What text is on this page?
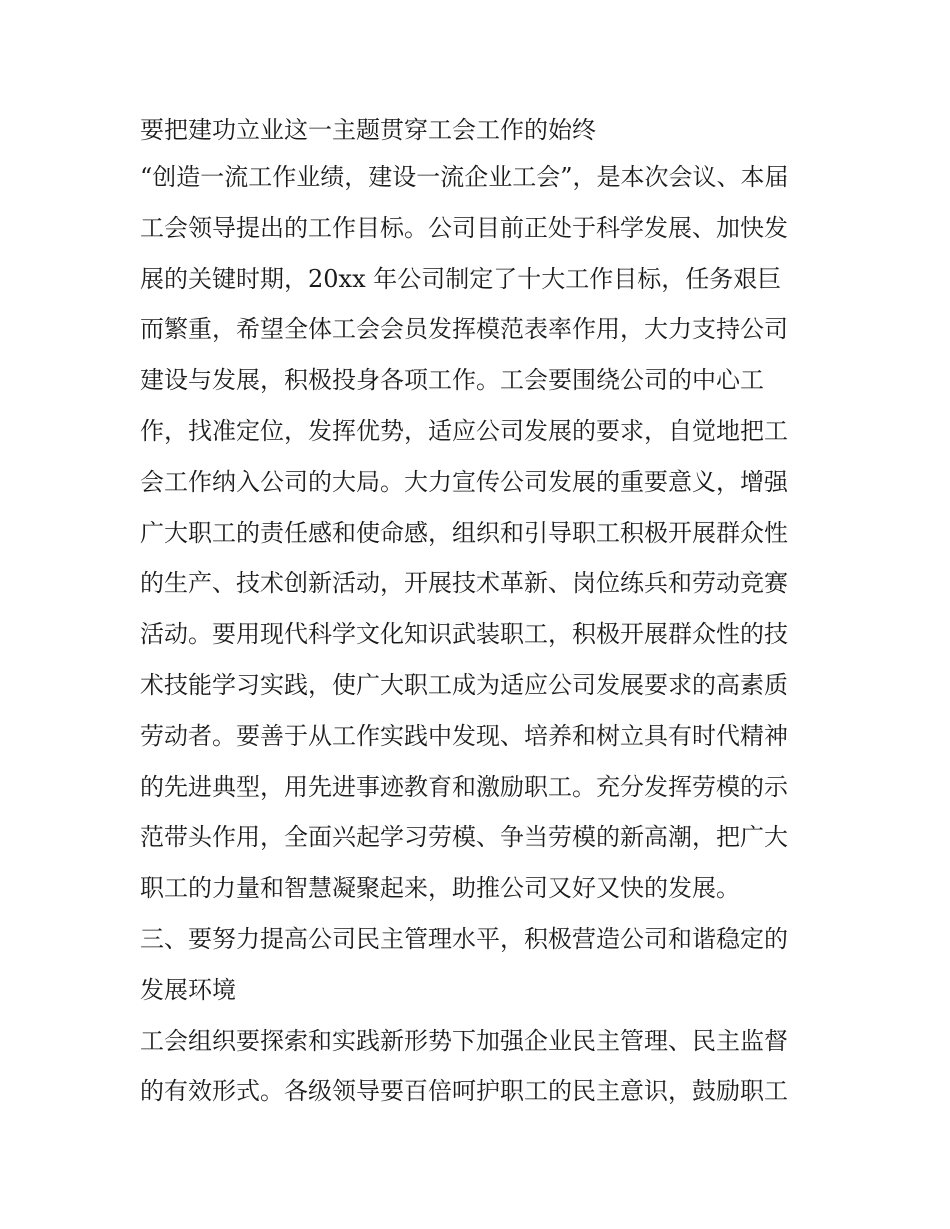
要把建功立业这一主题贯穿工会工作的始终
“创造一流工作业绩，建设一流企业工会”，是本次会议、本届
工会领导提出的工作目标。公司目前正处于科学发展、加快发
展的关键时期，20xx 年公司制定了十大工作目标，任务艰巨
而繁重，希望全体工会会员发挥模范表率作用，大力支持公司
建设与发展，积极投身各项工作。工会要围绕公司的中心工
作，找准定位，发挥优势，适应公司发展的要求，自觉地把工
会工作纳入公司的大局。大力宣传公司发展的重要意义，增强
广大职工的责任感和使命感，组织和引导职工积极开展群众性
的生产、技术创新活动，开展技术革新、岗位练兵和劳动竞赛
活动。要用现代科学文化知识武装职工，积极开展群众性的技
术技能学习实践，使广大职工成为适应公司发展要求的高素质
劳动者。要善于从工作实践中发现、培养和树立具有时代精神
的先进典型，用先进事迹教育和激励职工。充分发挥劳模的示
范带头作用，全面兴起学习劳模、争当劳模的新高潮，把广大
职工的力量和智慧凝聚起来，助推公司又好又快的发展。
三、要努力提高公司民主管理水平，积极营造公司和谐稳定的
发展环境
工会组织要探索和实践新形势下加强企业民主管理、民主监督
的有效形式。各级领导要百倍呵护职工的民主意识，鼓励职工
